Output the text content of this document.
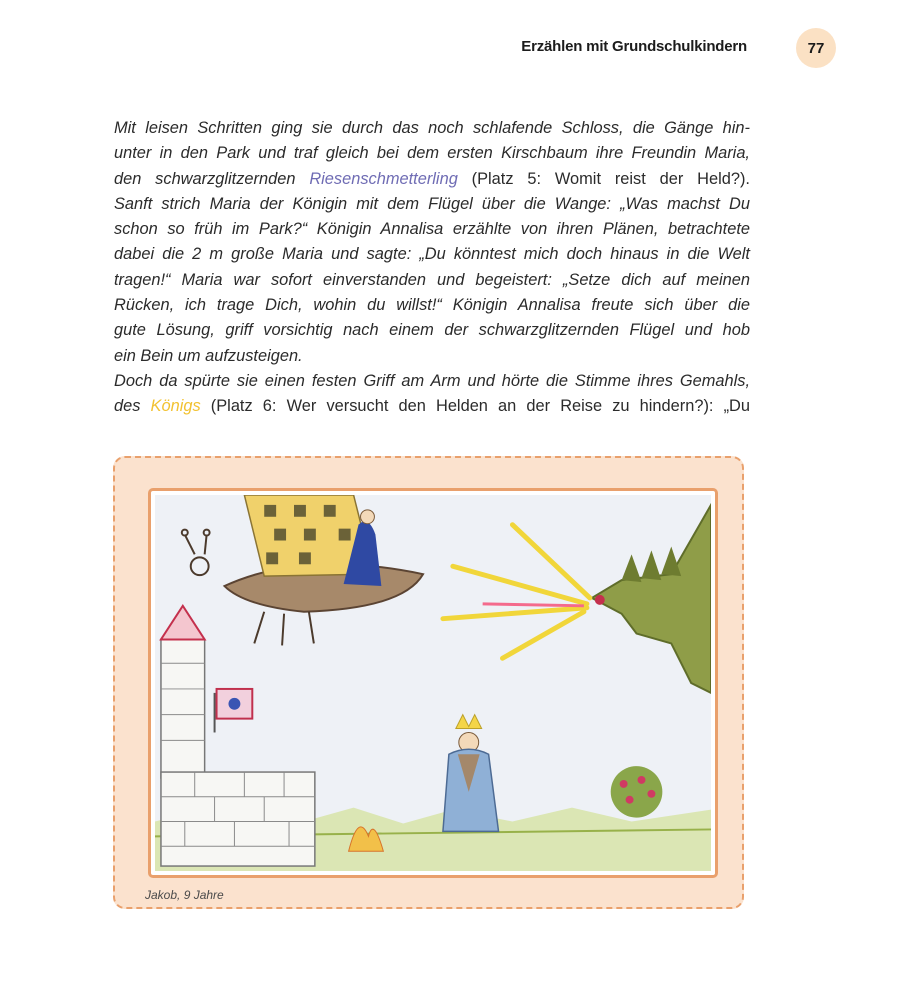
Erzählen mit Grundschulkindern	77

Mit leisen Schritten ging sie durch das noch schlafende Schloss, die Gänge hin-

unter in den Park und traf gleich bei dem ersten Kirschbaum ihre Freundin Maria,

den schwarzglitzernden Riesenschmetterling (Platz 5: Womit reist der Held?).

Sanft strich Maria der Königin mit dem Flügel über die Wange: „Was machst Du

schon so früh im Park?“ Königin Annalisa erzählte von ihren Plänen, betrachtete

dabei die 2 m große Maria und sagte: „Du könntest mich doch hinaus in die Welt

tragen!“ Maria war sofort einverstanden und begeistert: „Setze dich auf meinen

Rücken, ich trage Dich, wohin du willst!“ Königin Annalisa freute sich über die

gute Lösung, griff vorsichtig nach einem der schwarzglitzernden Flügel und hob

ein Bein um aufzusteigen.

Doch da spürte sie einen festen Griff am Arm und hörte die Stimme ihres Gemahls,

des Königs (Platz 6: Wer versucht den Helden an der Reise zu hindern?): „Du

Jakob, 9 Jahre
